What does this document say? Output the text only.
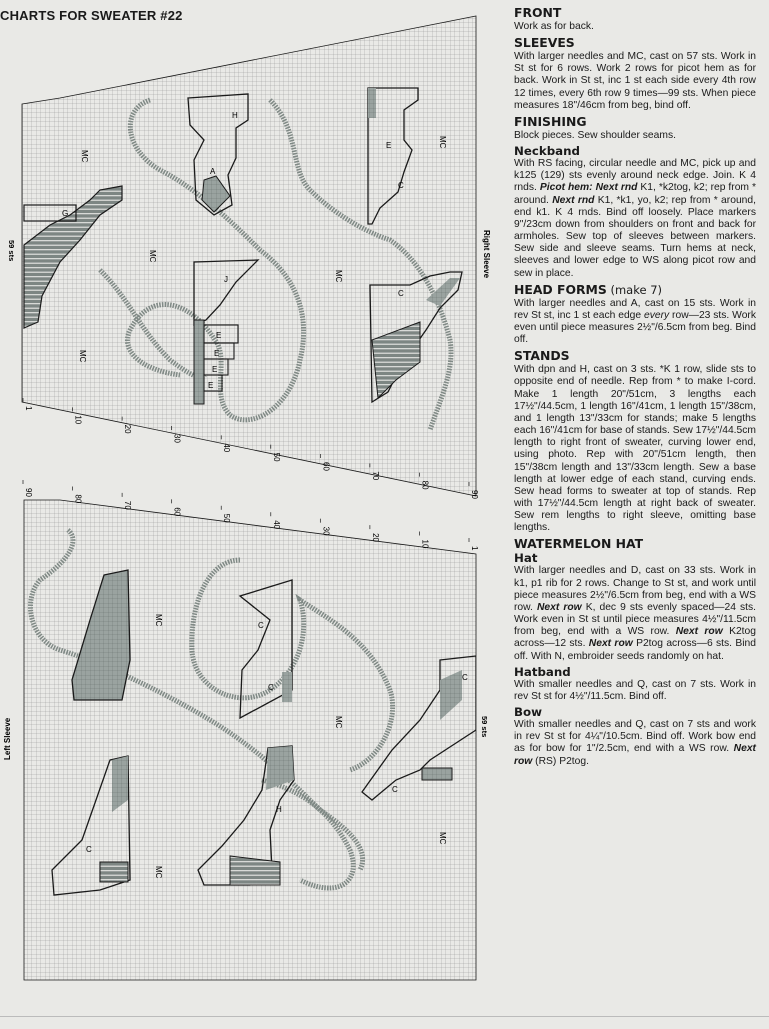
CHARTS FOR SWEATER #22
MC
MC
MC
MC
MC
G
H
A
J
E
E
E
E
C
C
E
59 sts	Right Sleeve
1
10
20
30
40
50
60
70
80
90
MC
MC
MC
MC
C
C
C
H
C
C
Left Sleeve	59 sts
90
80
70
60
50
40
30
20
10	1
FRONT

Work as for back.

SLEEVES

With larger needles and MC, cast on 57 sts. Work in St st for 6 rows. Work 2 rows for picot hem as for back. Work in St st, inc 1 st each side every 4th row 12 times, every 6th row 9 times—99 sts. When piece measures 18"/46cm from beg, bind off.

FINISHING

Block pieces. Sew shoulder seams.

Neckband

With RS facing, circular needle and MC, pick up and k125 (129) sts evenly around neck edge. Join. K 4 rnds. Picot hem: Next rnd K1, *k2tog, k2; rep from * around. Next rnd K1, *k1, yo, k2; rep from * around, end k1. K 4 rnds. Bind off loosely. Place markers 9"/23cm down from shoulders on front and back for armholes. Sew top of sleeves between markers. Sew side and sleeve seams. Turn hems at neck, sleeves and lower edge to WS along picot row and sew in place.

HEAD FORMS (make 7)

With larger needles and A, cast on 15 sts. Work in rev St st, inc 1 st each edge every row—23 sts. Work even until piece measures 2½"/6.5cm from beg. Bind off.

STANDS

With dpn and H, cast on 3 sts. *K 1 row, slide sts to opposite end of needle. Rep from * to make I-cord. Make 1 length 20"/51cm, 3 lengths each 17½"/44.5cm, 1 length 16"/41cm, 1 length 15"/38cm, and 1 length 13"/33cm for stands; make 5 lengths each 16"/41cm for base of stands. Sew 17½"/44.5cm length to right front of sweater, curving lower end, using photo. Rep with 20"/51cm length, then 15"/38cm length and 13"/33cm length. Sew a base length at lower edge of each stand, curving ends. Sew head forms to sweater at top of stands. Rep with 17½"/44.5cm length at right back of sweater. Sew rem lengths to right sleeve, omitting base lengths.

WATERMELON HAT
Hat

With larger needles and D, cast on 33 sts. Work in k1, p1 rib for 2 rows. Change to St st, and work until piece measures 2½"/6.5cm from beg, end with a WS row. Next row K, dec 9 sts evenly spaced—24 sts. Work even in St st until piece measures 4½"/11.5cm from beg, end with a WS row. Next row K2tog across—12 sts. Next row P2tog across—6 sts. Bind off. With N, embroider seeds randomly on hat.

Hatband

With smaller needles and Q, cast on 7 sts. Work in rev St st for 4½"/11.5cm. Bind off.

Bow

With smaller needles and Q, cast on 7 sts and work in rev St st for 4¼"/10.5cm. Bind off. Work bow end as for bow for 1"/2.5cm, end with a WS row. Next row (RS) P2tog.
